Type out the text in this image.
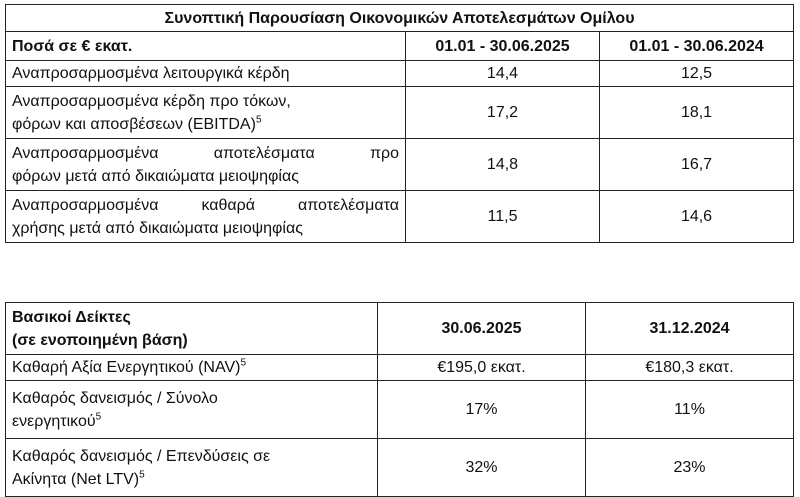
Συνοπτική Παρουσίαση Οικονομικών Αποτελεσμάτων Ομίλου		
Ποσά σε € εκατ.	01.01 - 30.06.2025	01.01 - 30.06.2024

Αναπροσαρμοσμένα λειτουργικά κέρδη	14,4	12,5

Αναπροσαρμοσμένα κέρδη προ τόκων,
φόρων και αποσβέσεων (EBITDA)$^5$	17,2	18,1

Αναπροσαρμοσμένα αποτελέσματα προ
φόρων μετά από δικαιώματα μειοψηφίας	14,8	16,7

Αναπροσαρμοσμένα καθαρά αποτελέσματα
χρήσης μετά από δικαιώματα μειοψηφίας	11,5	14,6
Βασικοί Δείκτες
(σε ενοποιημένη βάση)	30.06.2025	31.12.2024

Καθαρή Αξία Ενεργητικού (NAV)$^5$	€195,0 εκατ.	€180,3 εκατ.

Καθαρός δανεισμός / Σύνολο
ενεργητικού$^5$	17%	11%

Καθαρός δανεισμός / Επενδύσεις σε
Ακίνητα (Net LTV)$^5$	32%	23%
